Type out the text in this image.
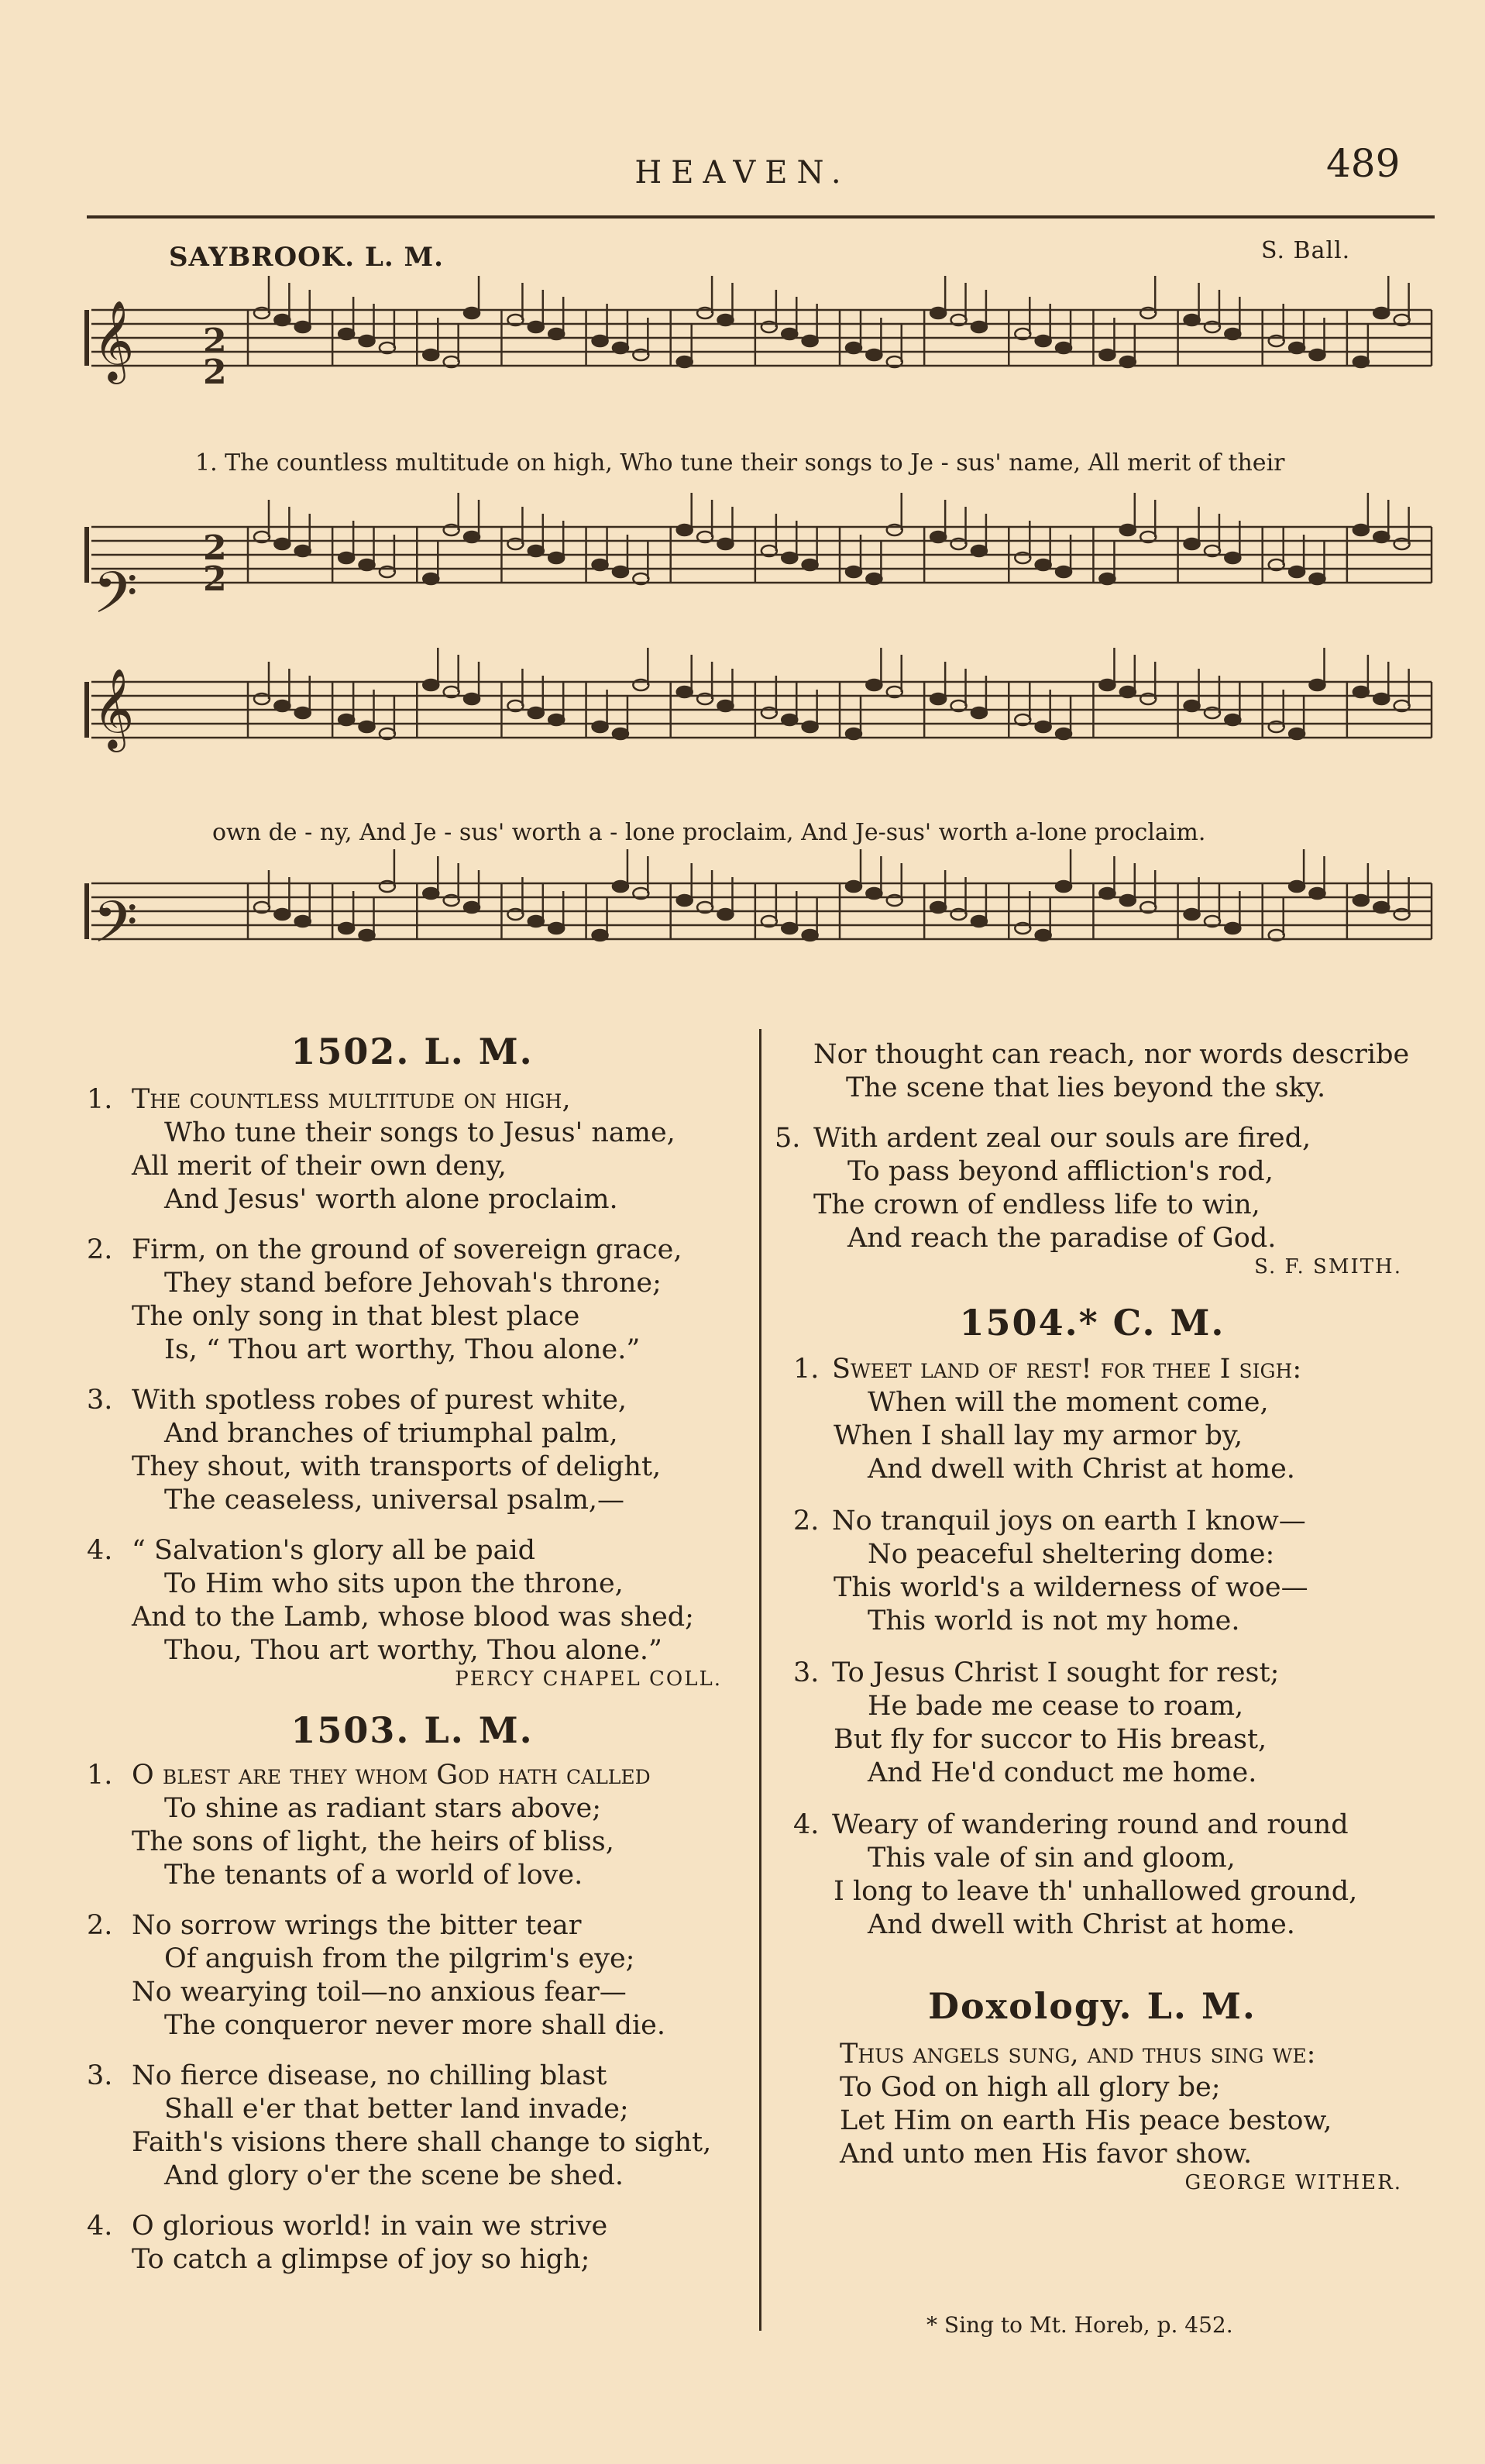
HEAVEN.	489
SAYBROOK. L. M.	S. Ball.
𝄞
𝄢
𝄞
𝄢
2
2
2
2
1. The countless multitude on high, Who tune their songs to Je - sus' name, All merit of their
own de - ny, And Je - sus' worth a - lone proclaim, And Je-sus' worth a-lone proclaim.

1502. L. M.

1. The countless multitude on high,
Who tune their songs to Jesus' name,
All merit of their own deny,
And Jesus' worth alone proclaim.
2. Firm, on the ground of sovereign grace,
They stand before Jehovah's throne;
The only song in that blest place
Is, “ Thou art worthy, Thou alone.”
3. With spotless robes of purest white,
And branches of triumphal palm,
They shout, with transports of delight,
The ceaseless, universal psalm,—
4. “ Salvation's glory all be paid
To Him who sits upon the throne,
And to the Lamb, whose blood was shed;
Thou, Thou art worthy, Thou alone.”
PERCY CHAPEL COLL.

1503. L. M.

1. O blest are they whom God hath called
To shine as radiant stars above;
The sons of light, the heirs of bliss,
The tenants of a world of love.
2. No sorrow wrings the bitter tear
Of anguish from the pilgrim's eye;
No wearying toil—no anxious fear—
The conqueror never more shall die.
3. No fierce disease, no chilling blast
Shall e'er that better land invade;
Faith's visions there shall change to sight,
And glory o'er the scene be shed.
4. O glorious world! in vain we strive
To catch a glimpse of joy so high;
Nor thought can reach, nor words describe
The scene that lies beyond the sky.
5. With ardent zeal our souls are fired,
To pass beyond affliction's rod,
The crown of endless life to win,
And reach the paradise of God.
S. F. SMITH.

1504.* C. M.

1. Sweet land of rest! for thee I sigh:
When will the moment come,
When I shall lay my armor by,
And dwell with Christ at home.
2. No tranquil joys on earth I know—
No peaceful sheltering dome:
This world's a wilderness of woe—
This world is not my home.
3. To Jesus Christ I sought for rest;
He bade me cease to roam,
But fly for succor to His breast,
And He'd conduct me home.
4. Weary of wandering round and round
This vale of sin and gloom,
I long to leave th' unhallowed ground,
And dwell with Christ at home.

Doxology. L. M.

Thus angels sung, and thus sing we:
To God on high all glory be;
Let Him on earth His peace bestow,
And unto men His favor show.
GEORGE WITHER.
* Sing to Mt. Horeb, p. 452.
